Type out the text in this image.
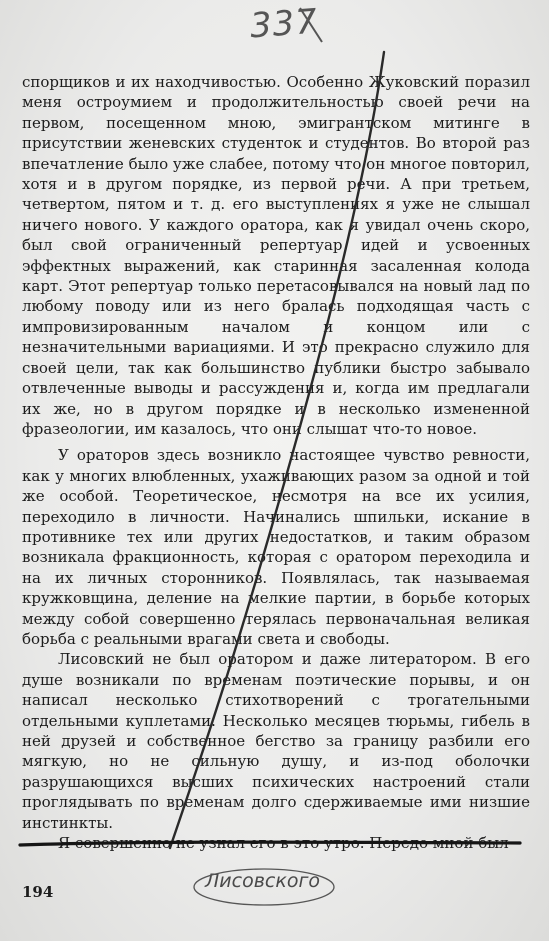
337

спорщиков и их находчивостью. Особенно Жуковский поразил меня остроумием и продолжительностью своей речи на первом, посещенном мною, эмигрантском митинге в присутствии женевских студенток и студентов. Во второй раз впечатление было уже слабее, потому что он многое повторил, хотя и в другом порядке, из первой речи. А при третьем, четвертом, пятом и т. д. его выступлениях я уже не слышал ничего нового. У каждого оратора, как я увидал очень скоро, был свой ограниченный репертуар идей и усвоенных эффектных выражений, как старинная засаленная колода карт. Этот репертуар только перетасовывался на новый лад по любому поводу или из него бралась подходящая часть с импровизированным началом и концом или с незначительными вариациями. И это прекрасно служило для своей цели, так как большинство публики быстро забывало отвлеченные выводы и рассуждения и, когда им предлагали их же, но в другом порядке и в несколько измененной фразеологии, им казалось, что они слышат что-то новое.

У ораторов здесь возникло настоящее чувство ревности, как у многих влюбленных, ухаживающих разом за одной и той же особой. Теоретическое, несмотря на все их усилия, переходило в личности. Начинались шпильки, искание в противнике тех или других недостатков, и таким образом возникала фракционность, которая с оратором переходила и на их личных сторонников. Появлялась, так называемая кружковщина, деление на мелкие партии, в борьбе которых между собой совершенно терялась первоначальная великая борьба с реальными врагами света и свободы.

Лисовский не был оратором и даже литератором. В его душе возникали по временам поэтические порывы, и он написал несколько стихотворений с трогательными отдельными куплетами. Несколько месяцев тюрьмы, гибель в ней друзей и собственное бегство за границу разбили его мягкую, но не сильную душу, и из-под оболочки разрушающихся высших психических настроений стали проглядывать по временам долго сдерживаемые ими низшие инстинкты.

Я совершенно не узнал его в это утро. Передо мной был

194	Лисовского
